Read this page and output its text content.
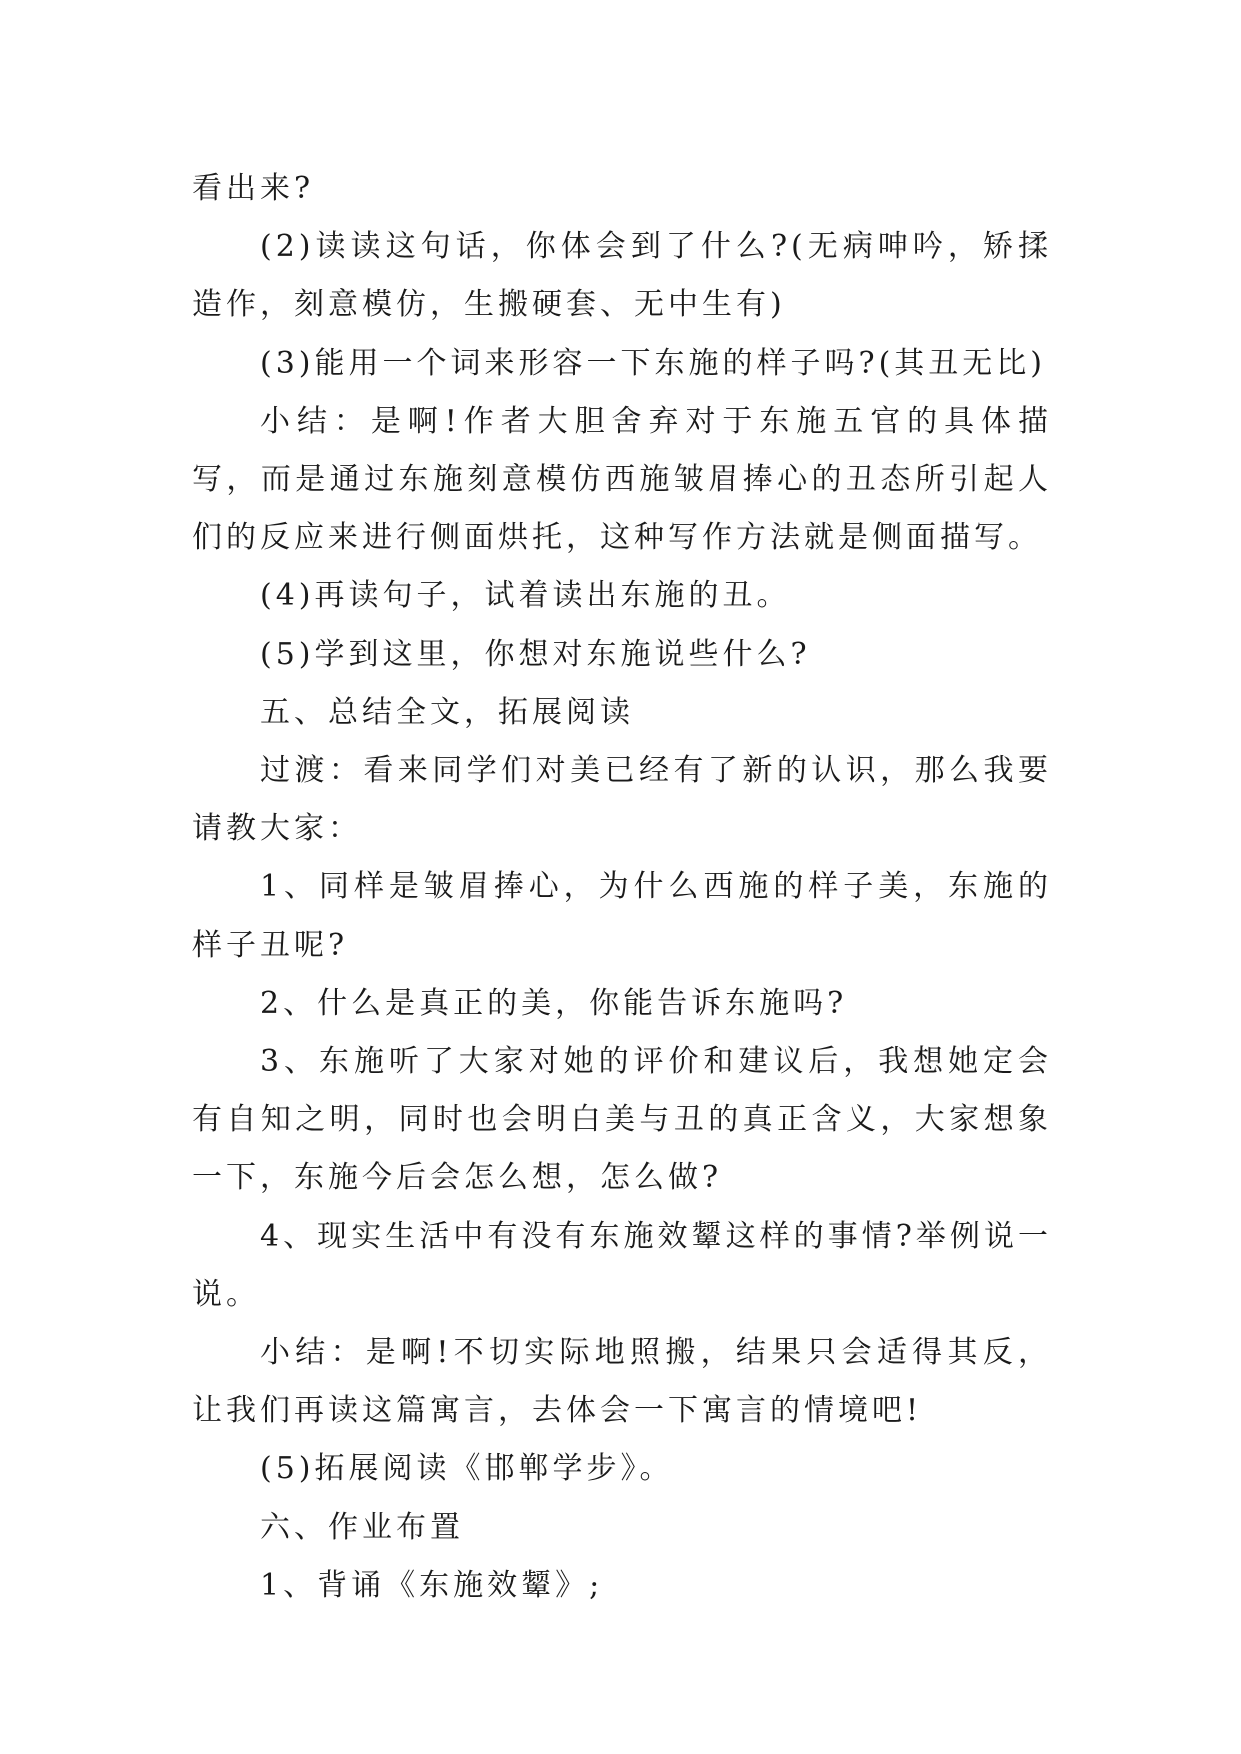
看出来?

(2)读读这句话，你体会到了什么?(无病呻吟，矫揉造作，刻意模仿，生搬硬套、无中生有)

(3)能用一个词来形容一下东施的样子吗?(其丑无比)

小结：是啊!作者大胆舍弃对于东施五官的具体描写，而是通过东施刻意模仿西施皱眉捧心的丑态所引起人们的反应来进行侧面烘托，这种写作方法就是侧面描写。

(4)再读句子，试着读出东施的丑。

(5)学到这里，你想对东施说些什么?

五、总结全文，拓展阅读

过渡：看来同学们对美已经有了新的认识，那么我要请教大家：

1、同样是皱眉捧心，为什么西施的样子美，东施的样子丑呢?

2、什么是真正的美，你能告诉东施吗?

3、东施听了大家对她的评价和建议后，我想她定会有自知之明，同时也会明白美与丑的真正含义，大家想象一下，东施今后会怎么想，怎么做?

4、现实生活中有没有东施效颦这样的事情?举例说一说。

小结：是啊!不切实际地照搬，结果只会适得其反，让我们再读这篇寓言，去体会一下寓言的情境吧!

(5)拓展阅读《邯郸学步》。

六、作业布置

1、背诵《东施效颦》;
